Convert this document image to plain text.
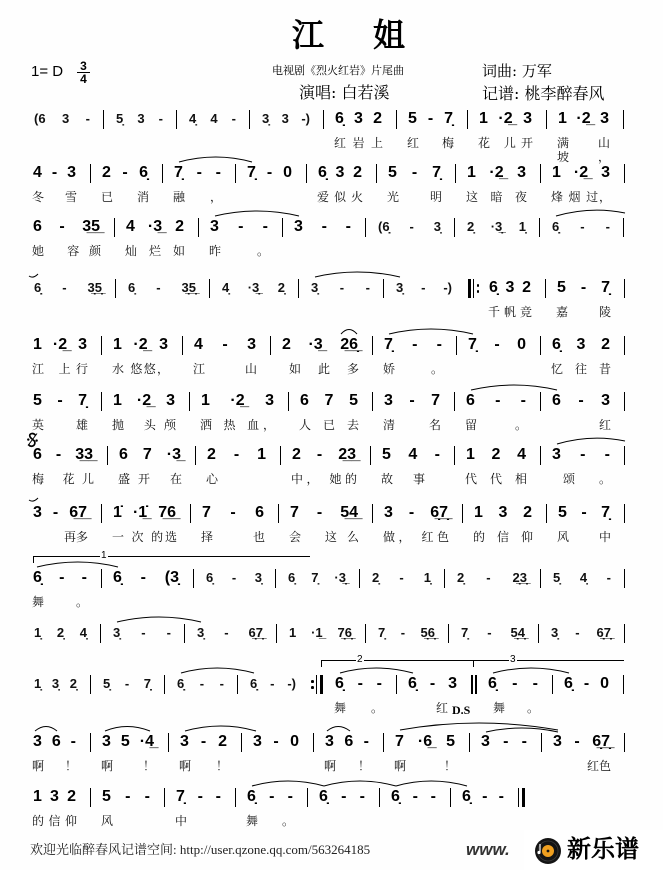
江姐
1= D $\frac{3}{4}$	电视剧《烈火红岩》片尾曲	词曲: 万军
演唱: 白若溪	记谱: 桃李醉春风
(6 3 -	5̣ 3 -	4̣ 4 -	3̣ 3 -)	6̣ 3 2
红 岩 上
5 - 7̣
红 梅
1 ·2̲ 3
花 儿开
1 ·2̲ 3
满 山 坡，
4 - 3
冬 雪
2 - 6̣
已 消
7̣ - -
融，
7̣ - 0	6̣ 3 2
爱 似 火
5 - 7̣
光 明
1 ·2̲ 3
这 暗 夜
1 ·2̲ 3
烽 烟 过，
6 - 3̲5̲
她 容颜
4 ·3̲ 2
灿 烂 如
3 - -
昨。
3 - -	(6̣̣ - 3̣	2̣ ·3̲̣ 1̣	6̣̣ - -
6̣̣ - 3̲̣5̲̣	6̣ - 3̲̣5̲̣	4̣ ·3̲̣ 2̣	3̣ - -	3̣ - -)	6̣ 3 2
千 帆 竞
5 - 7̣
嘉 陵
1 ·2̲ 3
江 上行
1 ·2̲ 3
水 悠悠，
4 - 3
江 山
2 ·3̲ 2̲6̲̣
如 此 多
7̣ - -
娇。
7̣ - 0	6̣ 3 2
忆 往 昔
5 - 7̣
英 雄
1 ·2̲ 3
抛 头颅
1 ·2̲ 3
洒 热 血，
6 7 5
人已去
3 - 7
清 名
6 - -
留。
6 - 3
红
6 - 3̲3̲
梅 花儿
6 7 ·3̲
盛开 在
2 - 1
心
2 - 2̲3̲
中， 她的
5 4 -
故 事
1 2 4
代 代 相
3 - -
颂。
3 - 6̲7̲
再多
1̇ ·1̲̇ 7̲6̲
一 次 的选
7 - 6
择 也
7 - 5̲4̲
会 这么
3 - 6̲̣7̲̣
做， 红色
1 3 2
的 信 仰
5 - 7̣
风 中
1
6̣ - -
舞。
6̣ - (3̣	6̣ - 3̣	6̣ 7̣ ·3̲̣	2̣ - 1̣	2̣ - 2̲̣3̲̣	5̣ 4̣ -
1̣ 2̣ 4̣	3̣ - -	3̣ - 6̲̣7̲̣	1 ·1̲ 7̲̣6̲̣	7̣ - 5̲̣6̲̣	7̣ - 5̲̣4̲̣	3̣ - 6̲̣̣7̲̣̣
2	3
1̣ 3̣ 2̣	5̣ - 7̣̣	6̣̣ - -	6̣̣ - -)	6̣ - -
舞。
6̣ - 3
红
6̣ - -
舞。
6̣ - 0
D.S
3 6 -
啊！
3 5 ·4̲
啊！
3 - 2
啊！
3 - 0	3 6 -
啊！
7 ·6̲ 5
啊！
3 - -	3 - 6̲̣7̲̣
红色
1 3 2
的 信 仰
5 - -
风
7̣ - -
中
6̣ - -
舞。
6̣ - -	6̣ - -	6̣ - -
欢迎光临醉春风记谱空间: http://user.qzone.qq.com/563264185	www. 新乐谱
